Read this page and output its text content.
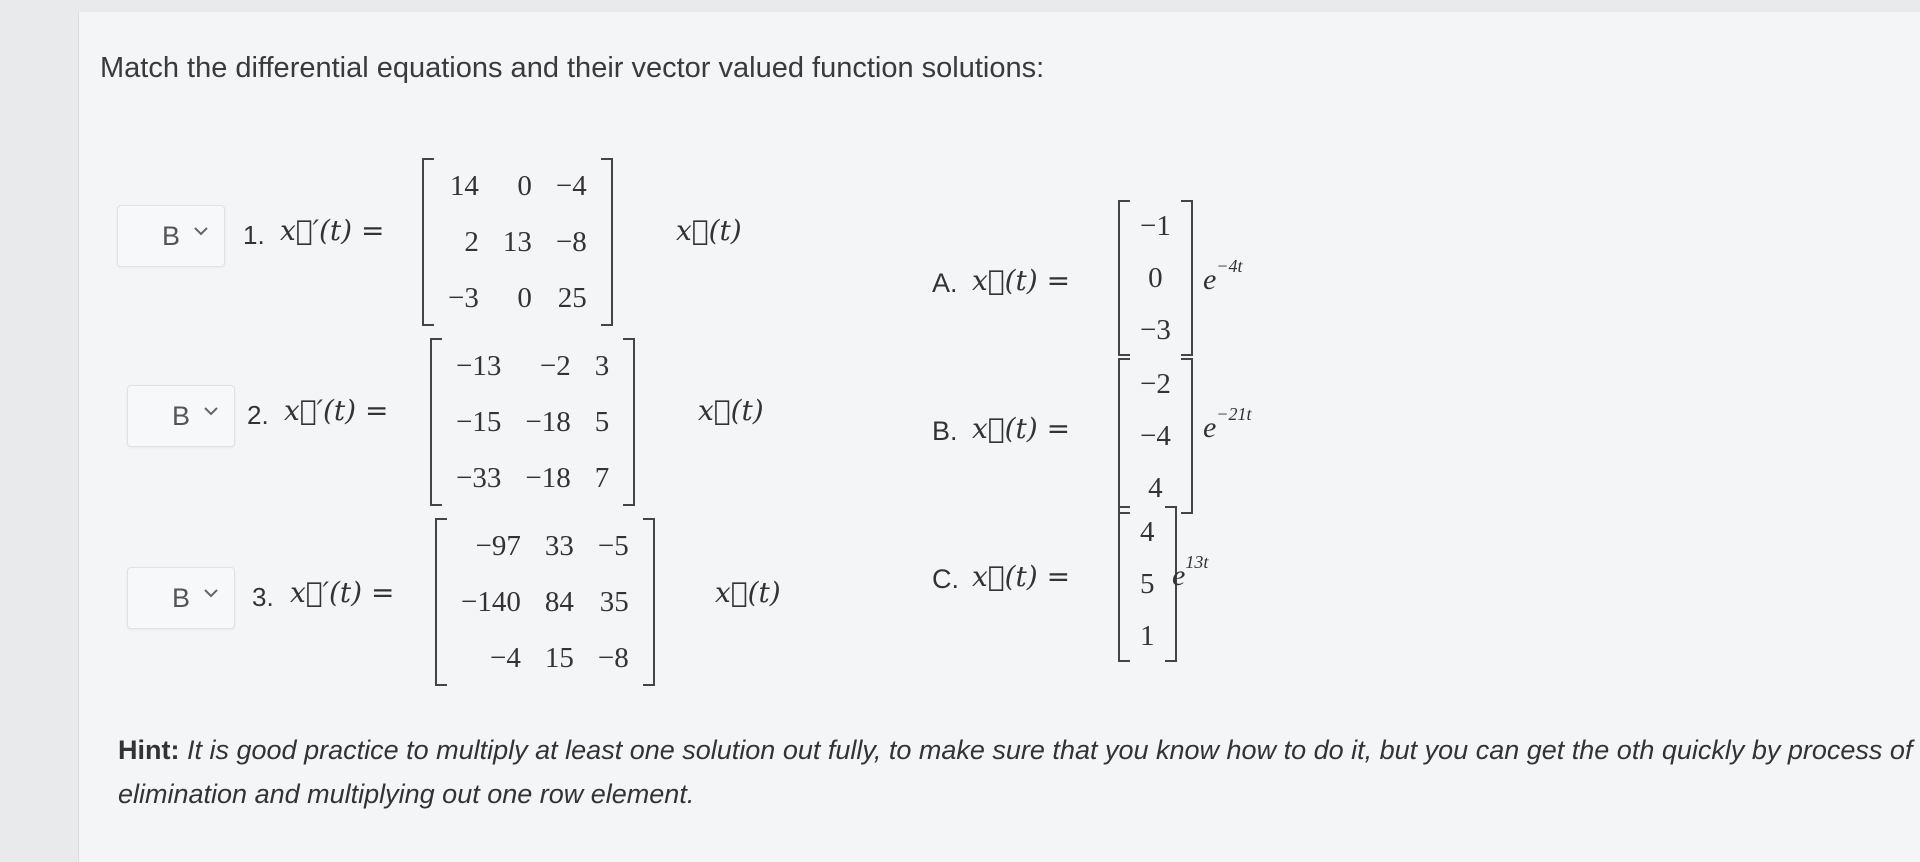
Match the differential equations and their vector valued function solutions:
B 1. x⃗′(t) =
14	0	−4
2	13	−8
−3	0	25
x⃗(t)
B 2. x⃗′(t) =
−13	−2	3
−15	−18	5
−33	−18	7
x⃗(t)
B 3. x⃗′(t) =
−97	33	−5
−140	84	35
−4	15	−8
x⃗(t)
A. x⃗(t) =
−1
0
−3
$e^{-4t}$
B. x⃗(t) =
−2
−4
4
$e^{-21t}$
C. x⃗(t) =
4
5
1
$e^{13t}$
Hint: It is good practice to multiply at least one solution out fully, to make sure that you know how to do it, but you can get the oth quickly by process of elimination and multiplying out one row element.
